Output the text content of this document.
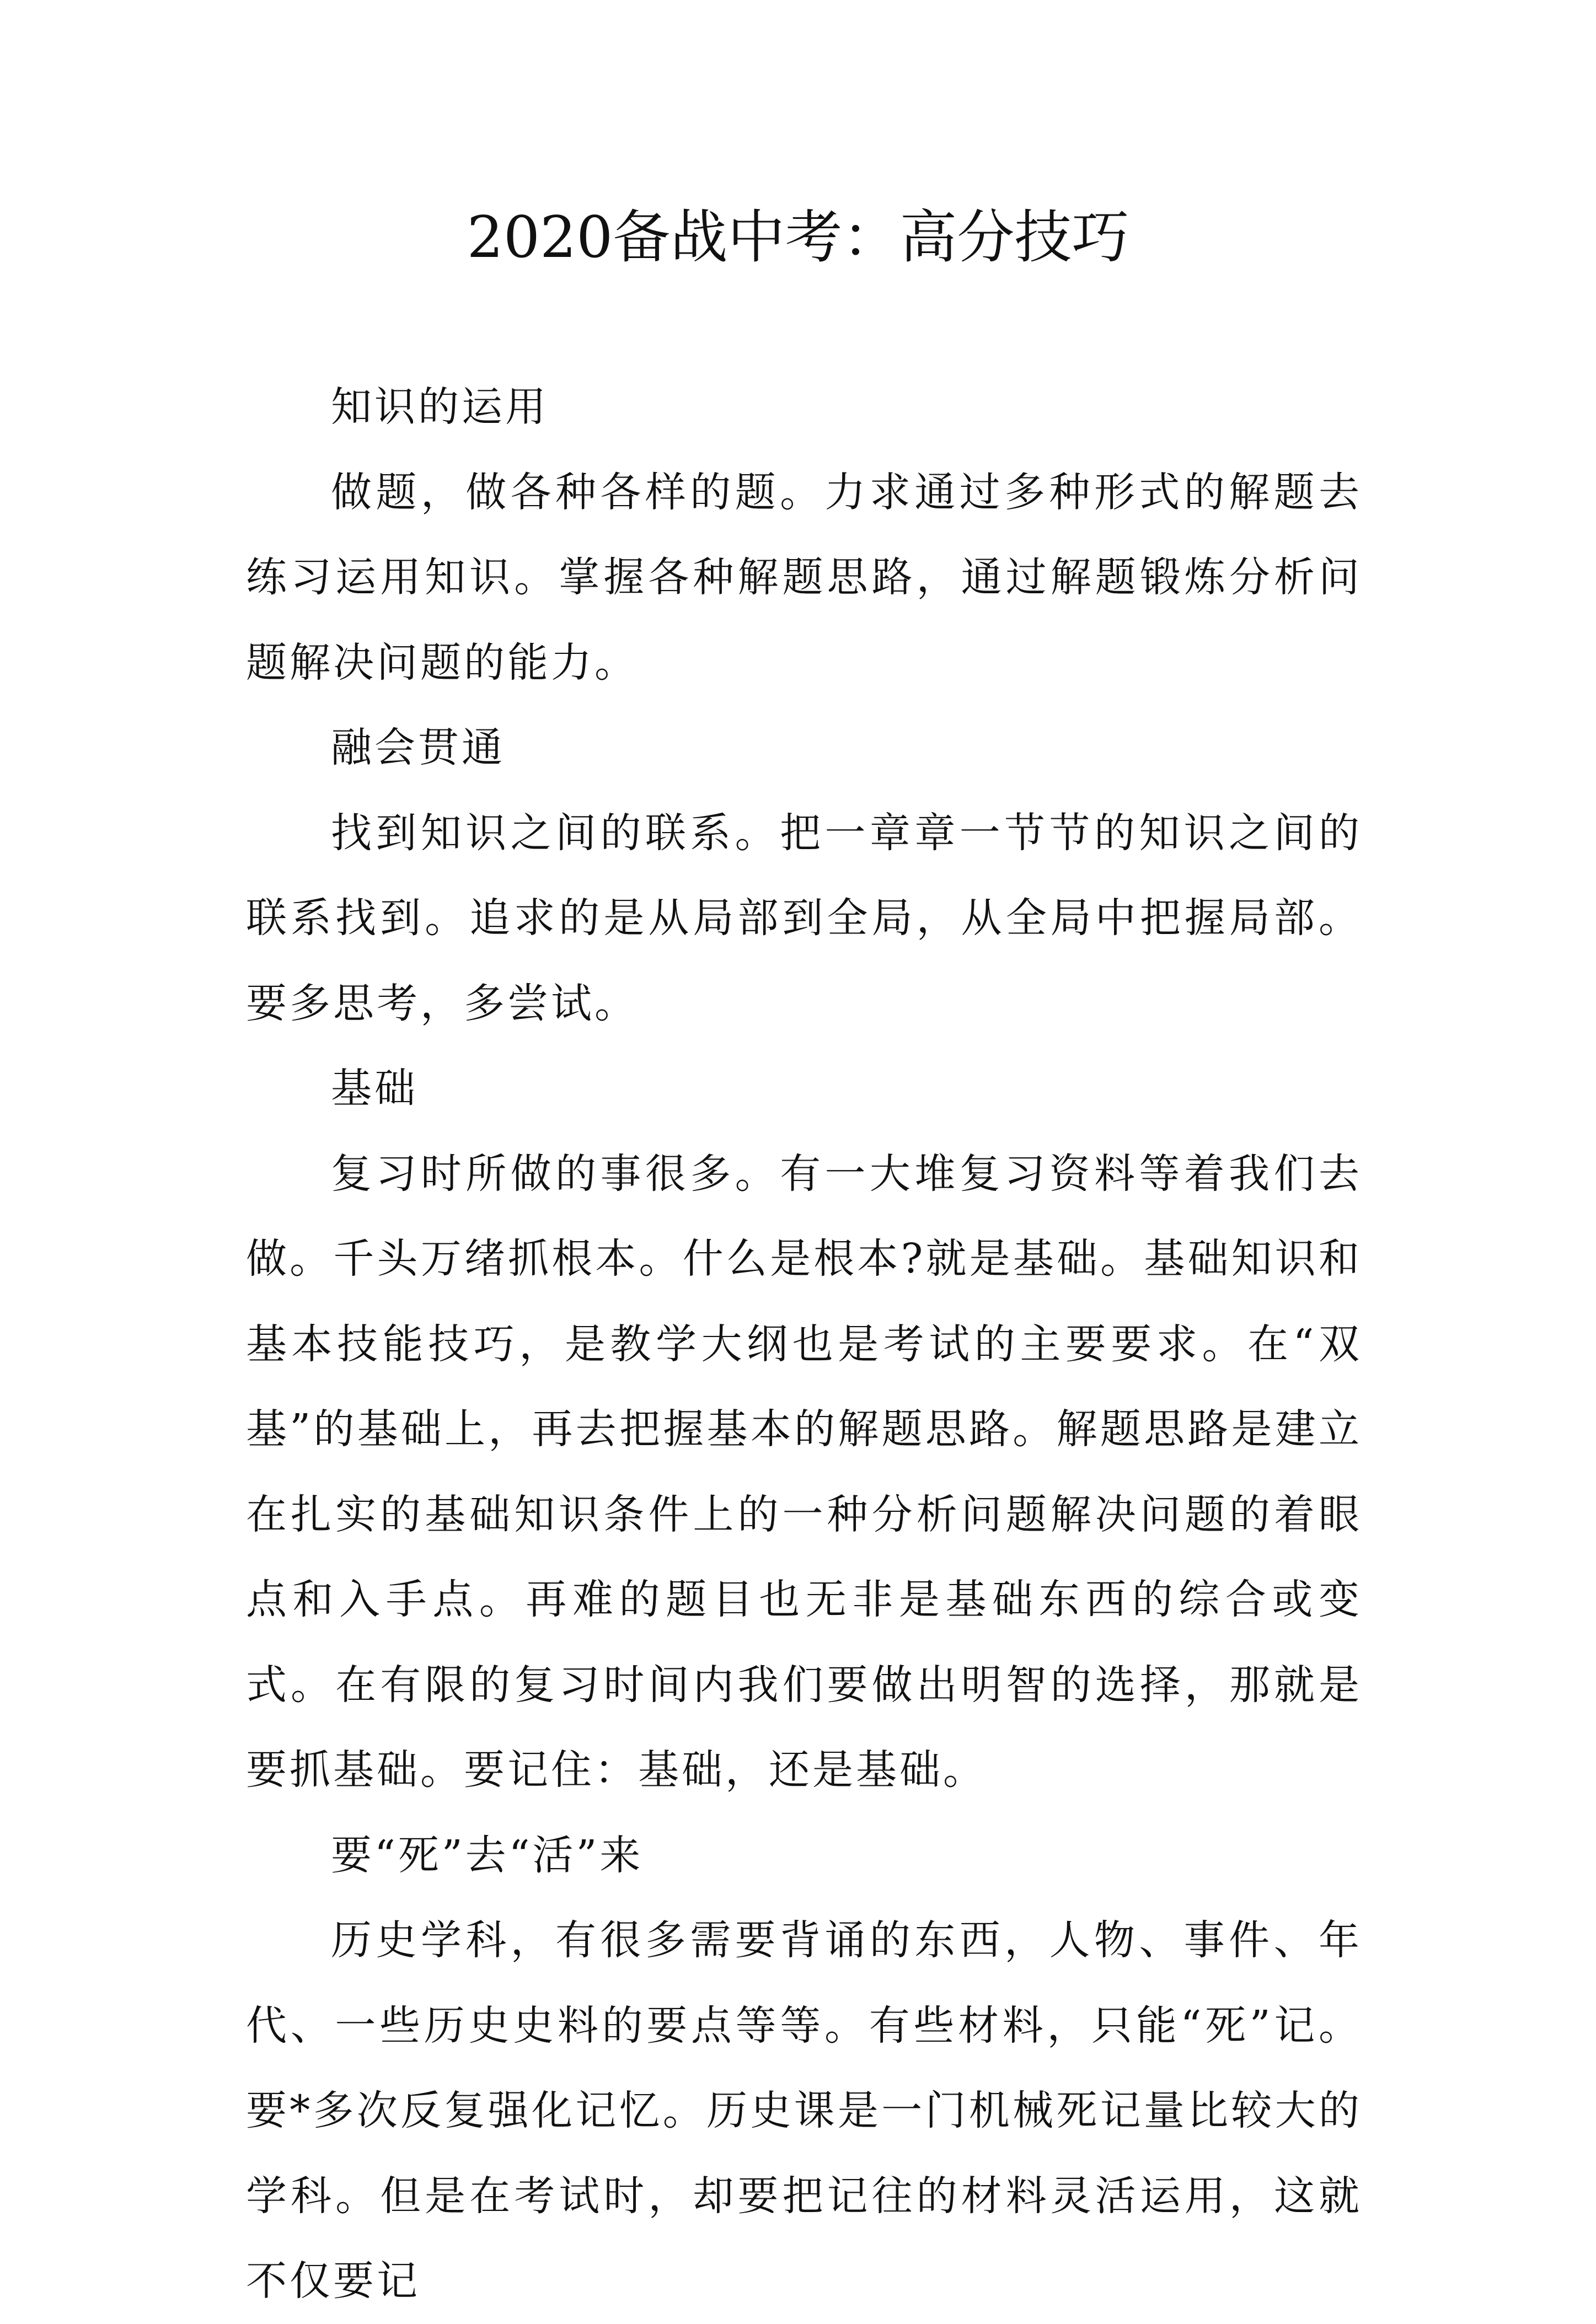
2020备战中考：高分技巧

知识的运用

做题，做各种各样的题。力求通过多种形式的解题去练习运用知识。掌握各种解题思路，通过解题锻炼分析问题解决问题的能力。

融会贯通

找到知识之间的联系。把一章章一节节的知识之间的联系找到。追求的是从局部到全局，从全局中把握局部。要多思考，多尝试。

基础

复习时所做的事很多。有一大堆复习资料等着我们去做。千头万绪抓根本。什么是根本?就是基础。基础知识和基本技能技巧，是教学大纲也是考试的主要要求。在“双基”的基础上，再去把握基本的解题思路。解题思路是建立在扎实的基础知识条件上的一种分析问题解决问题的着眼点和入手点。再难的题目也无非是基础东西的综合或变式。在有限的复习时间内我们要做出明智的选择，那就是要抓基础。要记住：基础，还是基础。

要“死”去“活”来

历史学科，有很多需要背诵的东西，人物、事件、年代、一些历史史料的要点等等。有些材料，只能“死”记。要*多次反复强化记忆。历史课是一门机械死记量比较大的学科。但是在考试时，却要把记往的材料灵活运用，这就不仅要记
